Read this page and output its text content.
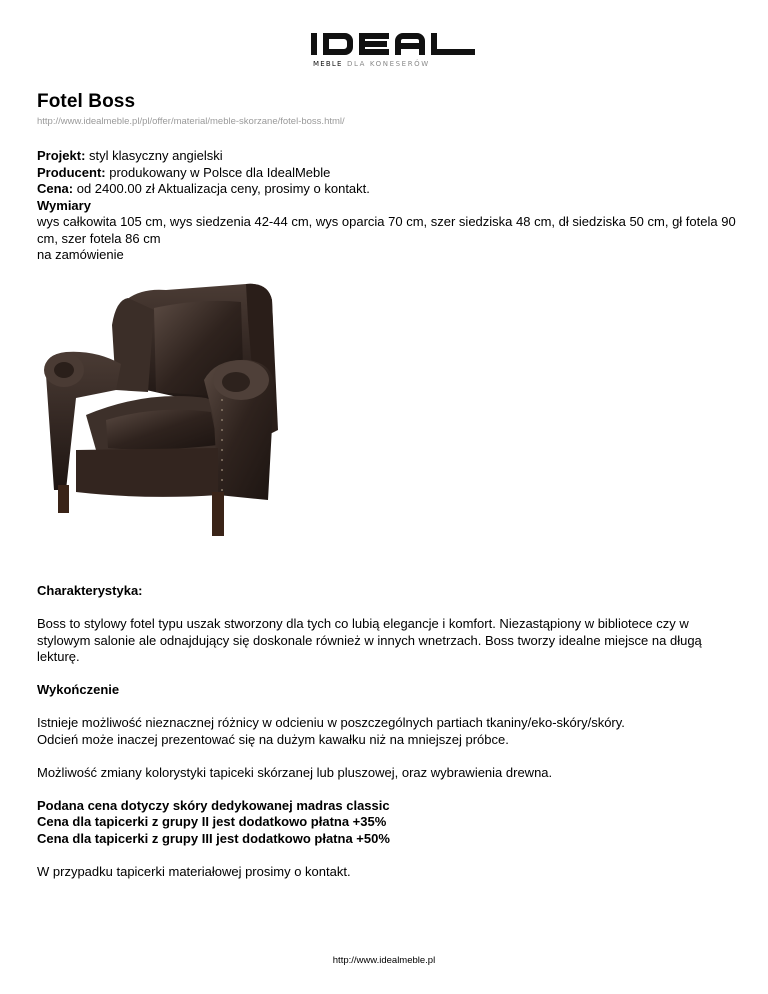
MEBLE DLA KONESERÓW
Fotel Boss
http://www.idealmeble.pl/pl/offer/material/meble-skorzane/fotel-boss.html/
Projekt: styl klasyczny angielski
Producent: produkowany w Polsce dla IdealMeble
Cena: od 2400.00 zł Aktualizacja ceny, prosimy o kontakt.
Wymiary
wys całkowita 105 cm, wys siedzenia 42-44 cm, wys oparcia 70 cm, szer siedziska 48 cm, dł siedziska 50 cm, gł fotela 90 cm, szer fotela 86 cm
na zamówienie

Charakterystyka:

Boss to stylowy fotel typu uszak stworzony dla tych co lubią elegancje i komfort. Niezastąpiony w bibliotece czy w stylowym salonie ale odnajdujący się doskonale również w innych wnetrzach. Boss tworzy idealne miejsce na długą lekturę.

Wykończenie

Istnieje możliwość nieznacznej różnicy w odcieniu w poszczególnych partiach tkaniny/eko-skóry/skóry.
Odcień może inaczej prezentować się na dużym kawałku niż na mniejszej próbce.

Możliwość zmiany kolorystyki tapiceki skórzanej lub pluszowej, oraz wybrawienia drewna.

Podana cena dotyczy skóry dedykowanej madras classic
Cena dla tapicerki z grupy II jest dodatkowo płatna +35%
Cena dla tapicerki z grupy III jest dodatkowo płatna +50%

W przypadku tapicerki materiałowej prosimy o kontakt.

http://www.idealmeble.pl
